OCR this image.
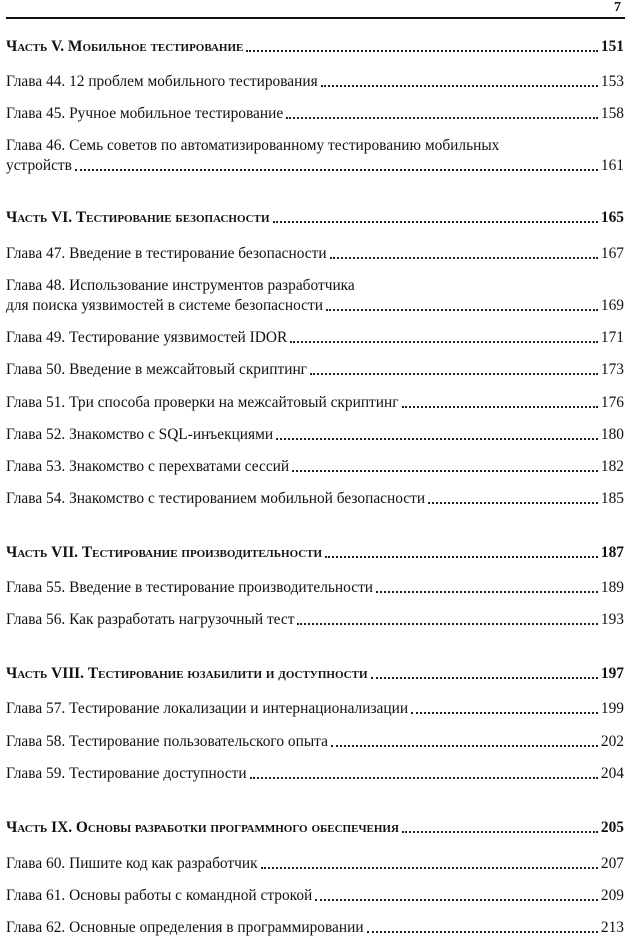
7
Часть V. Мобильное тестирование	151
Глава 44. 12 проблем мобильного тестирования	153
Глава 45. Ручное мобильное тестирование	158
Глава 46. Семь советов по автоматизированному тестированию мобильных
устройств	161
Часть VI. Тестирование безопасности	165
Глава 47. Введение в тестирование безопасности	167
Глава 48. Использование инструментов разработчика
для поиска уязвимостей в системе безопасности	169
Глава 49. Тестирование уязвимостей IDOR	171
Глава 50. Введение в межсайтовый скриптинг	173
Глава 51. Три способа проверки на межсайтовый скриптинг	176
Глава 52. Знакомство с SQL-инъекциями	180
Глава 53. Знакомство с перехватами сессий	182
Глава 54. Знакомство с тестированием мобильной безопасности	185
Часть VII. Тестирование производительности	187
Глава 55. Введение в тестирование производительности	189
Глава 56. Как разработать нагрузочный тест	193
Часть VIII. Тестирование юзабилити и доступности	197
Глава 57. Тестирование локализации и интернационализации	199
Глава 58. Тестирование пользовательского опыта	202
Глава 59. Тестирование доступности	204
Часть IX. Основы разработки программного обеспечения	205
Глава 60. Пишите код как разработчик	207
Глава 61. Основы работы с командной строкой	209
Глава 62. Основные определения в программировании	213
